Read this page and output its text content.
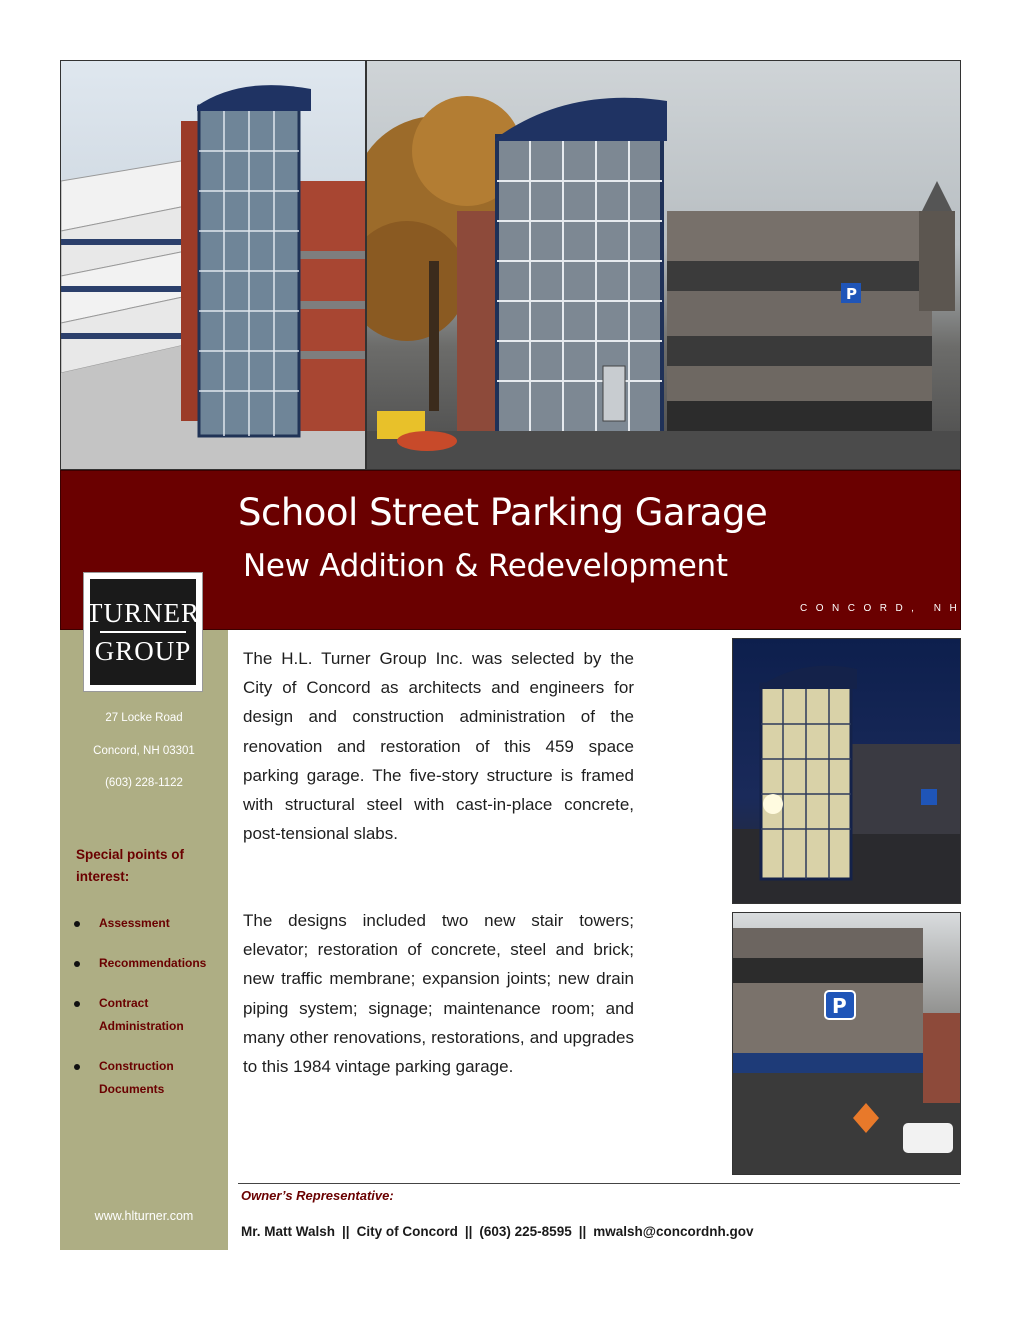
P
School Street Parking Garage
New Addition & Redevelopment
CONCORD, NH
TURNER
GROUP
27 Locke Road
Concord, NH 03301
(603) 228-1122
Special points of interest:
Assessment
Recommendations
Contract Administration
Construction Documents
www.hlturner.com

The H.L. Turner Group Inc. was selected by the City of Concord as architects and engineers for design and construction administration of the renovation and restoration of this 459 space parking garage. The five-story structure is framed with structural steel with cast-in-place concrete, post-tensional slabs.

The designs included two new stair towers; elevator; restoration of concrete, steel and brick; new traffic membrane; expansion joints; new drain piping system; signage; maintenance room; and many other renovations, restorations, and upgrades to this 1984 vintage parking garage.

P
Owner’s Representative:
Mr. Matt Walsh || City of Concord || (603) 225-8595 || mwalsh@concordnh.gov
